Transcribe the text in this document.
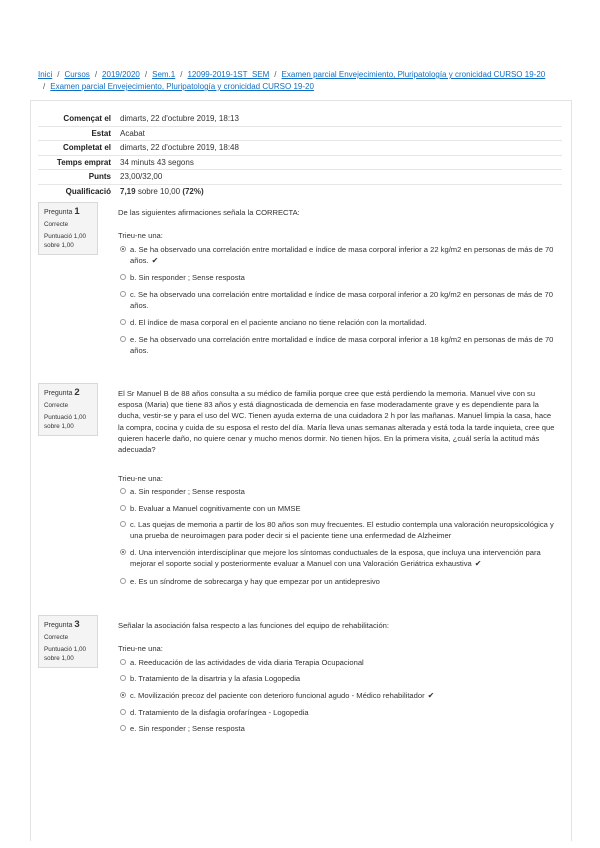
Inici / Cursos / 2019/2020 / Sem.1 / 12099-2019-1ST_SEM / Examen parcial Envejecimiento, Pluripatología y cronicidad CURSO 19-20
/ Examen parcial Envejecimiento, Pluripatología y cronicidad CURSO 19-20
Començat el	dimarts, 22 d'octubre 2019, 18:13
Estat	Acabat
Completat el	dimarts, 22 d'octubre 2019, 18:48
Temps emprat	34 minuts 43 segons
Punts	23,00/32,00
Qualificació	7,19 sobre 10,00 (72%)
Pregunta 1
Correcte
Puntuació 1,00 sobre 1,00
De las siguientes afirmaciones señala la CORRECTA:
Trieu-ne una:
a. Se ha observado una correlación entre mortalidad e índice de masa corporal inferior a 22 kg/m2 en personas de más de 70 años. ✔
b. Sin responder ; Sense resposta
c. Se ha observado una correlación entre mortalidad e índice de masa corporal inferior a 20 kg/m2 en personas de más de 70 años.
d. El índice de masa corporal en el paciente anciano no tiene relación con la mortalidad.
e. Se ha observado una correlación entre mortalidad e índice de masa corporal inferior a 18 kg/m2 en personas de más de 70 años.
Pregunta 2
Correcte
Puntuació 1,00 sobre 1,00
El Sr Manuel B de 88 años consulta a su médico de familia porque cree que está perdiendo la memoria. Manuel vive con su esposa (Maria) que tiene 83 años y está diagnosticada de demencia en fase moderadamente grave y es dependiente para la ducha, vestir-se y para el uso del WC. Tienen ayuda externa de una cuidadora 2 h por las mañanas. Manuel limpia la casa, hace la compra, cocina y cuida de su esposa el resto del día. María lleva unas semanas alterada y está toda la tarde inquieta, cree que quieren hacerle daño, no quiere cenar y mucho menos dormir. No tienen hijos. En la primera visita, ¿cuál sería la actitud más adecuada?
Trieu-ne una:
a. Sin responder ; Sense resposta
b. Evaluar a Manuel cognitivamente con un MMSE
c. Las quejas de memoria a partir de los 80 años son muy frecuentes. El estudio contempla una valoración neuropsicológica y una prueba de neuroimagen para poder decir si el paciente tiene una enfermedad de Alzheimer
d. Una intervención interdisciplinar que mejore los síntomas conductuales de la esposa, que incluya una intervención para mejorar el soporte social y posteriormente evaluar a Manuel con una Valoración Geriátrica exhaustiva ✔
e. Es un síndrome de sobrecarga y hay que empezar por un antidepresivo
Pregunta 3
Correcte
Puntuació 1,00 sobre 1,00
Señalar la asociación falsa respecto a las funciones del equipo de rehabilitación:
Trieu-ne una:
a. Reeducación de las actividades de vida diaria Terapia Ocupacional
b. Tratamiento de la disartria y la afasia Logopedia
c. Movilización precoz del paciente con deterioro funcional agudo - Médico rehabilitador ✔
d. Tratamiento de la disfagia orofaríngea - Logopedia
e. Sin responder ; Sense resposta
